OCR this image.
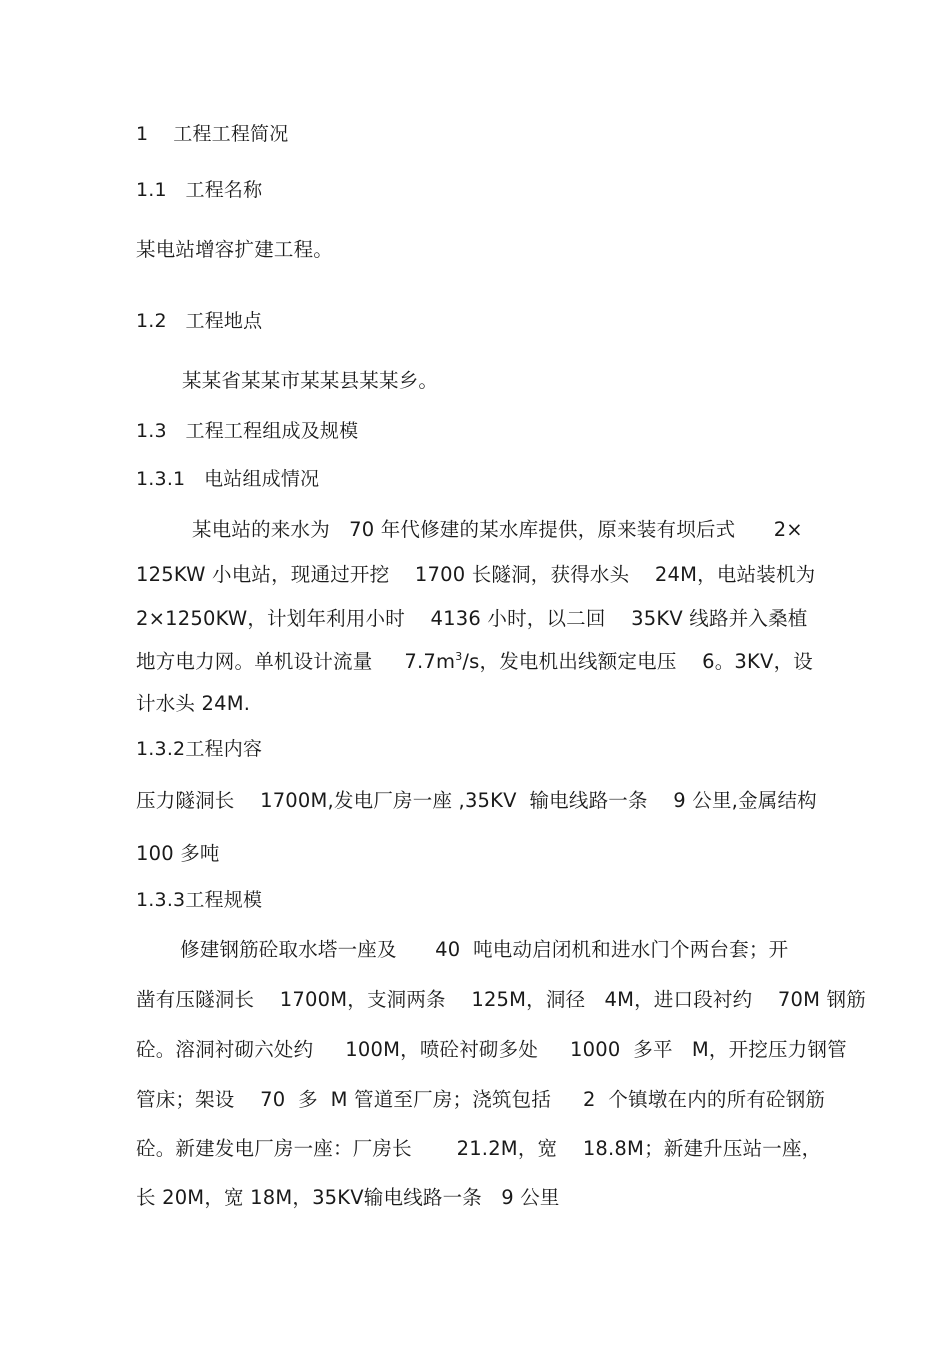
1    工程工程简况
1.1   工程名称
某电站增容扩建工程。
1.2   工程地点
某某省某某市某某县某某乡。
1.3   工程工程组成及规模
1.3.1   电站组成情况
某电站的来水为   70 年代修建的某水库提供，原来装有坝后式      2×
125KW 小电站，现通过开挖    1700 长隧洞，获得水头    24M，电站装机为
2×1250KW，计划年利用小时    4136 小时，以二回    35KV 线路并入桑植
地方电力网。单机设计流量     $7.7m^3/s$，发电机出线额定电压    6。3KV，设
计水头 24M.
1.3.2工程内容
压力隧洞长    1700M,发电厂房一座 ,35KV  输电线路一条    9 公里,金属结构
100 多吨
1.3.3工程规模
修建钢筋砼取水塔一座及      40  吨电动启闭机和进水门个两台套；开
凿有压隧洞长    1700M，支洞两条    125M，洞径   4M，进口段衬约    70M 钢筋
砼。溶洞衬砌六处约     100M，喷砼衬砌多处     1000  多平   M，开挖压力钢管
管床；架设    70  多  M 管道至厂房；浇筑包括     2  个镇墩在内的所有砼钢筋
砼。新建发电厂房一座：厂房长       21.2M，宽    18.8M；新建升压站一座，
长 20M，宽 18M，35KV输电线路一条   9 公里
